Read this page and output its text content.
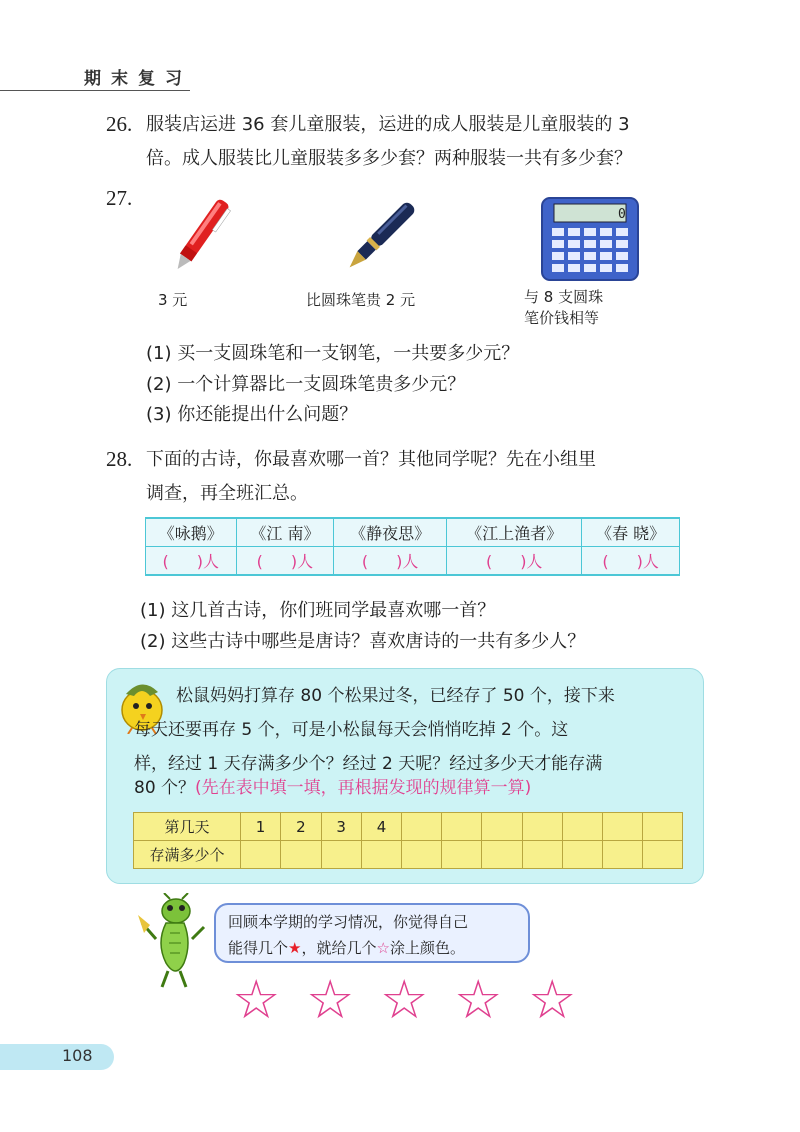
期末复习
26. 服装店运进 36 套儿童服装，运进的成人服装是儿童服装的 3
倍。成人服装比儿童服装多多少套？两种服装一共有多少套？
27.
0
3 元	比圆珠笔贵 2 元	与 8 支圆珠
笔价钱相等
(1) 买一支圆珠笔和一支钢笔，一共要多少元？
(2) 一个计算器比一支圆珠笔贵多少元？
(3) 你还能提出什么问题？
28. 下面的古诗，你最喜欢哪一首？其他同学呢？先在小组里
调查，再全班汇总。
《咏鹅》	《江 南》	《静夜思》	《江上渔者》	《春 晓》
( )人	( )人	( )人	( )人	( )人
(1) 这几首古诗，你们班同学最喜欢哪一首？
(2) 这些古诗中哪些是唐诗？喜欢唐诗的一共有多少人？
松鼠妈妈打算存 80 个松果过冬，已经存了 50 个，接下来
每天还要再存 5 个，可是小松鼠每天会悄悄吃掉 2 个。这
样，经过 1 天存满多少个？经过 2 天呢？经过多少天才能存满
80 个？(先在表中填一填，再根据发现的规律算一算)
第几天	1	2	3	4							
存满多少个											
回顾本学期的学习情况，你觉得自己
能得几个★，就给几个☆涂上颜色。
☆ ☆ ☆ ☆ ☆
108
